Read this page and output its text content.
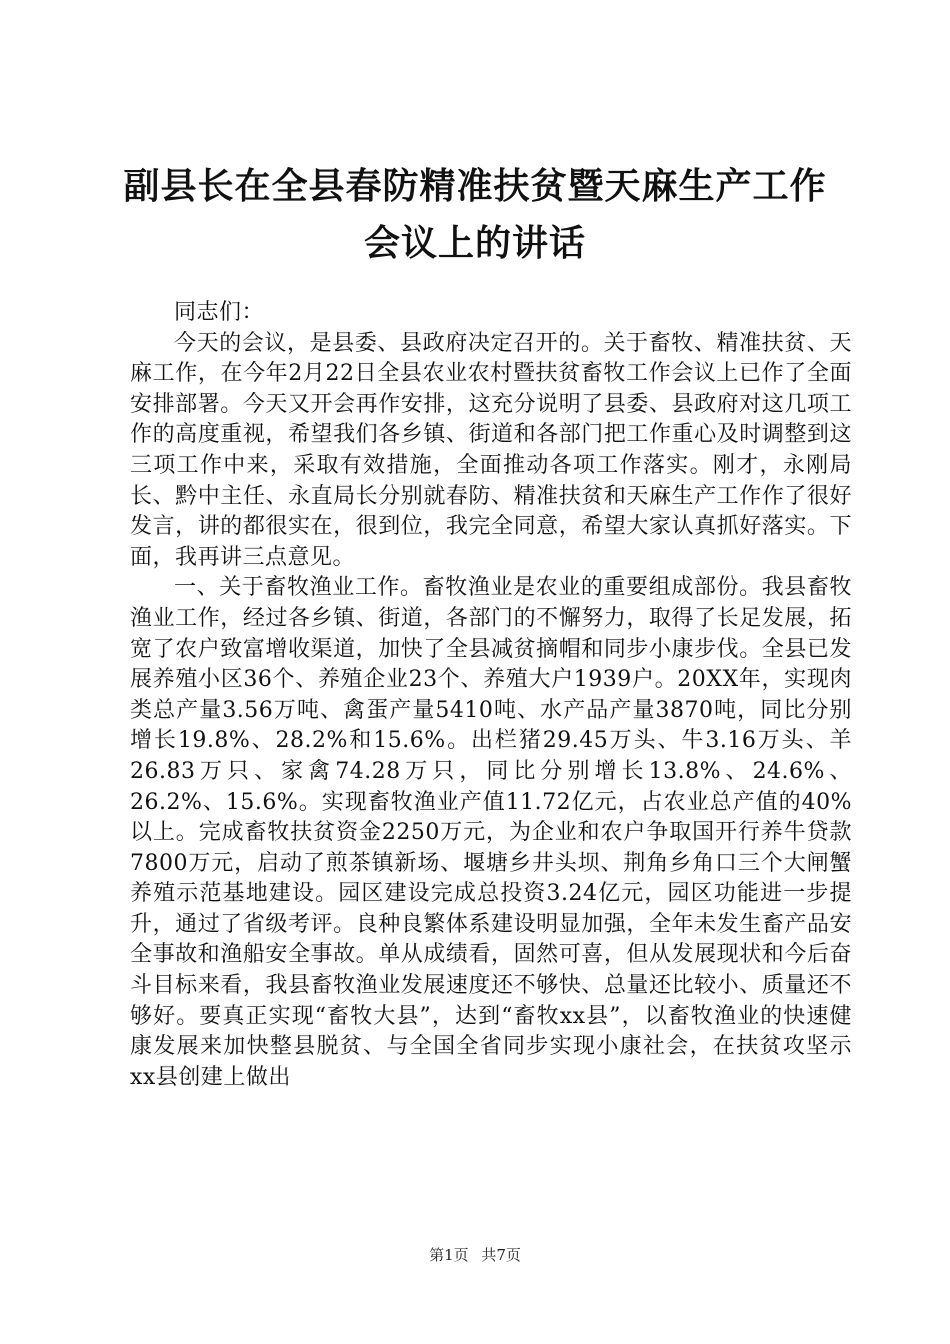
副县长在全县春防精准扶贫暨天麻生产工作会议上的讲话

同志们：

今天的会议，是县委、县政府决定召开的。关于畜牧、精准扶贫、天麻工作，在今年2月22日全县农业农村暨扶贫畜牧工作会议上已作了全面安排部署。今天又开会再作安排，这充分说明了县委、县政府对这几项工作的高度重视，希望我们各乡镇、街道和各部门把工作重心及时调整到这三项工作中来，采取有效措施，全面推动各项工作落实。刚才，永刚局长、黔中主任、永直局长分别就春防、精准扶贫和天麻生产工作作了很好发言，讲的都很实在，很到位，我完全同意，希望大家认真抓好落实。下面，我再讲三点意见。

一、关于畜牧渔业工作。畜牧渔业是农业的重要组成部份。我县畜牧渔业工作，经过各乡镇、街道，各部门的不懈努力，取得了长足发展，拓宽了农户致富增收渠道，加快了全县减贫摘帽和同步小康步伐。全县已发展养殖小区36个、养殖企业23个、养殖大户1939户。20XX年，实现肉类总产量3.56万吨、禽蛋产量5410吨、水产品产量3870吨，同比分别增长19.8%、28.2%和15.6%。出栏猪29.45万头、牛3.16万头、羊26.83万只、家禽74.28万只，同比分别增长13.8%、24.6%、26.2%、15.6%。实现畜牧渔业产值11.72亿元，占农业总产值的40%以上。完成畜牧扶贫资金2250万元，为企业和农户争取国开行养牛贷款7800万元，启动了煎茶镇新场、堰塘乡井头坝、荆角乡角口三个大闸蟹养殖示范基地建设。园区建设完成总投资3.24亿元，园区功能进一步提升，通过了省级考评。良种良繁体系建设明显加强，全年未发生畜产品安全事故和渔船安全事故。单从成绩看，固然可喜，但从发展现状和今后奋斗目标来看，我县畜牧渔业发展速度还不够快、总量还比较小、质量还不够好。要真正实现“畜牧大县”，达到“畜牧xx县”，以畜牧渔业的快速健康发展来加快整县脱贫、与全国全省同步实现小康社会，在扶贫攻坚示xx县创建上做出

第1页 共7页
